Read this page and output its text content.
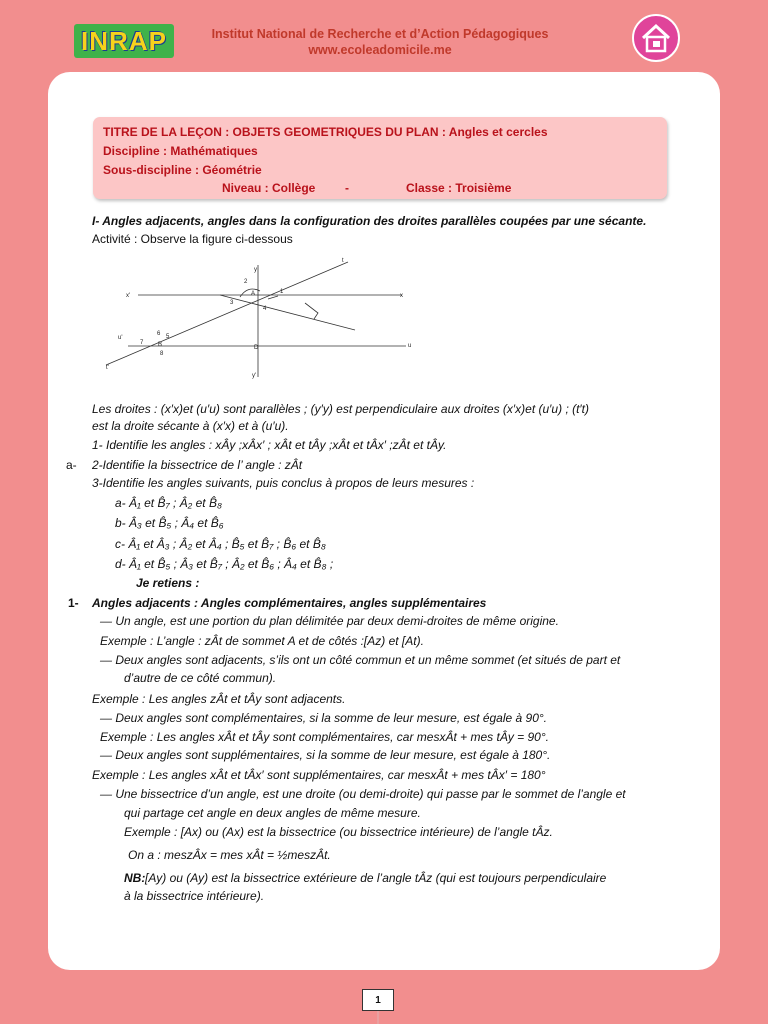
INRAP	Institut National de Recherche et d’Action Pédagogiques
www.ecoleadomicile.me
TITRE DE LA LEÇON : OBJETS GEOMETRIQUES DU PLAN : Angles et cercles
Discipline : Mathématiques
Sous-discipline : Géométrie
Niveau : Collège -	Classe : Troisième
I- Angles adjacents, angles dans la configuration des droites parallèles coupées par une sécante.
Activité : Observe la figure ci-dessous
y
t
x'
2
A	1
x
3
4
6
u'
7
5
B
8
D	u
t'
y'
Les droites : (x′x)et (u′u) sont parallèles ; (y′y) est perpendiculaire aux droites (x′x)et (u′u) ; (t′t)
est la droite sécante à (x′x) et à (u′u).
1- Identifie les angles : xÂy ;xÂx′ ; xÂt et tÂy ;xÂt et tÂx′ ;zÂt et tÂy.
a- 2-Identifie la bissectrice de l’ angle : zÂt
3-Identifie les angles suivants, puis conclus à propos de leurs mesures :
a- Â₁ et B̂₇ ; Â₂ et B̂₈
b- Â₃ et B̂₅ ; Â₄ et B̂₆
c- Â₁ et Â₃ ; Â₂ et Â₄ ; B̂₅ et B̂₇ ; B̂₆ et B̂₈
d- Â₁ et B̂₅ ; Â₃ et B̂₇ ; Â₂ et B̂₆ ; Â₄ et B̂₈ ;
Je retiens :
1- Angles adjacents : Angles complémentaires, angles supplémentaires
— Un angle, est une portion du plan délimitée par deux demi-droites de même origine.
Exemple : L’angle : zÂt de sommet A et de côtés :[Az) et [At).
— Deux angles sont adjacents, s’ils ont un côté commun et un même sommet (et situés de part et
d’autre de ce côté commun).
Exemple : Les angles zÂt et tÂy sont adjacents.
— Deux angles sont complémentaires, si la somme de leur mesure, est égale à 90°.
Exemple : Les angles xÂt et tÂy sont complémentaires, car mesxÂt + mes tÂy = 90°.
— Deux angles sont supplémentaires, si la somme de leur mesure, est égale à 180°.
Exemple : Les angles xÂt et tÂx′ sont supplémentaires, car mesxÂt + mes tÂx′ = 180°
— Une bissectrice d’un angle, est une droite (ou demi-droite) qui passe par le sommet de l’angle et
qui partage cet angle en deux angles de même mesure.
Exemple : [Ax) ou (Ax) est la bissectrice (ou bissectrice intérieure) de l’angle tÂz.
On a : meszÂx = mes xÂt = ½meszÂt.
NB: [Ay) ou (Ay) est la bissectrice extérieure de l’angle tÂz (qui est toujours perpendiculaire
à la bissectrice intérieure).
1
